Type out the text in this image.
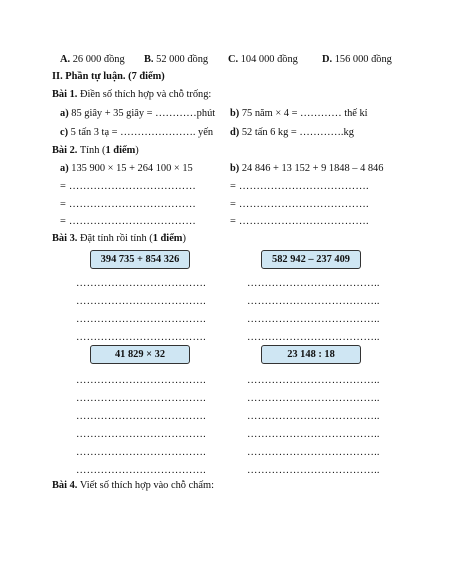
A. 26 000 đồng B. 52 000 đồng C. 104 000 đồng D. 156 000 đồng
II. Phần tự luận. (7 điểm)
Bài 1. Điền số thích hợp và chỗ trống:
a) 85 giây + 35 giây = …………phút b) 75 năm × 4 = ………… thế kỉ
c) 5 tấn 3 tạ = …………………. yến d) 52 tấn 6 kg = ………….kg
Bài 2. Tính (1 điểm)
a) 135 900 × 15 + 264 100 × 15	b) 24 846 + 13 152 + 9 1848 – 4 846
= ………………………………	= ……………………………….
= ………………………………	= ……………………………….
= ………………………………	= ……………………………….
Bài 3. Đặt tính rồi tính (1 điểm)
394 735 + 854 326	582 942 – 237 409
……………………………….	………………………………..
……………………………….	………………………………..
……………………………….	………………………………..
……………………………….	………………………………..
41 829 × 32	23 148 : 18
……………………………….	………………………………..
……………………………….	………………………………..
……………………………….	………………………………..
……………………………….	………………………………..
……………………………….	………………………………..
……………………………….	………………………………..
Bài 4. Viết số thích hợp vào chỗ chấm:
